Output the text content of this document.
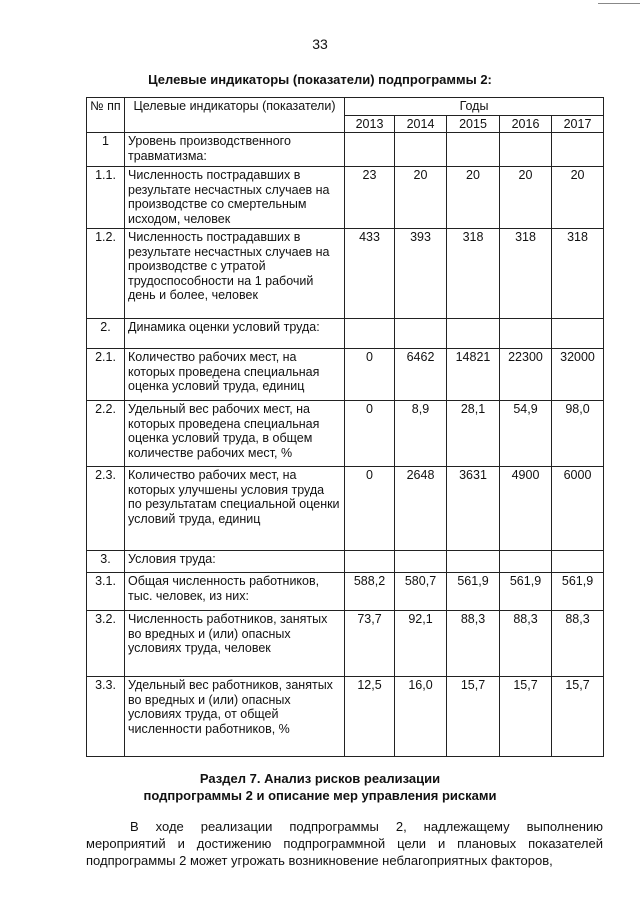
33
Целевые индикаторы (показатели) подпрограммы 2:
№ пп	Целевые индикаторы (показатели)	Годы				
		2013	2014	2015	2016	2017
1	Уровень производственного травматизма:					
1.1.	Численность пострадавших в результате несчастных случаев на производстве со смертельным исходом, человек	23	20	20	20	20
1.2.	Численность пострадавших в результате несчастных случаев на производстве с утратой трудоспособности на 1 рабочий день и более, человек	433	393	318	318	318
2.	Динамика оценки условий труда:					
2.1.	Количество рабочих мест, на которых проведена специальная оценка условий труда, единиц	0	6462	14821	22300	32000
2.2.	Удельный вес рабочих мест, на которых проведена специальная оценка условий труда, в общем количестве рабочих мест, %	0	8,9	28,1	54,9	98,0
2.3.	Количество рабочих мест, на которых улучшены условия труда по результатам специальной оценки условий труда, единиц	0	2648	3631	4900	6000
3.	Условия труда:					
3.1.	Общая численность работников, тыс. человек, из них:	588,2	580,7	561,9	561,9	561,9
3.2.	Численность работников, занятых во вредных и (или) опасных условиях труда, человек	73,7	92,1	88,3	88,3	88,3
3.3.	Удельный вес работников, занятых во вредных и (или) опасных условиях труда, от общей численности работников, %	12,5	16,0	15,7	15,7	15,7
Раздел 7. Анализ рисков реализации
подпрограммы 2 и описание мер управления рисками
В ходе реализации подпрограммы 2, надлежащему выполнению мероприятий и достижению подпрограммной цели и плановых показателей подпрограммы 2 может угрожать возникновение неблагоприятных факторов,
